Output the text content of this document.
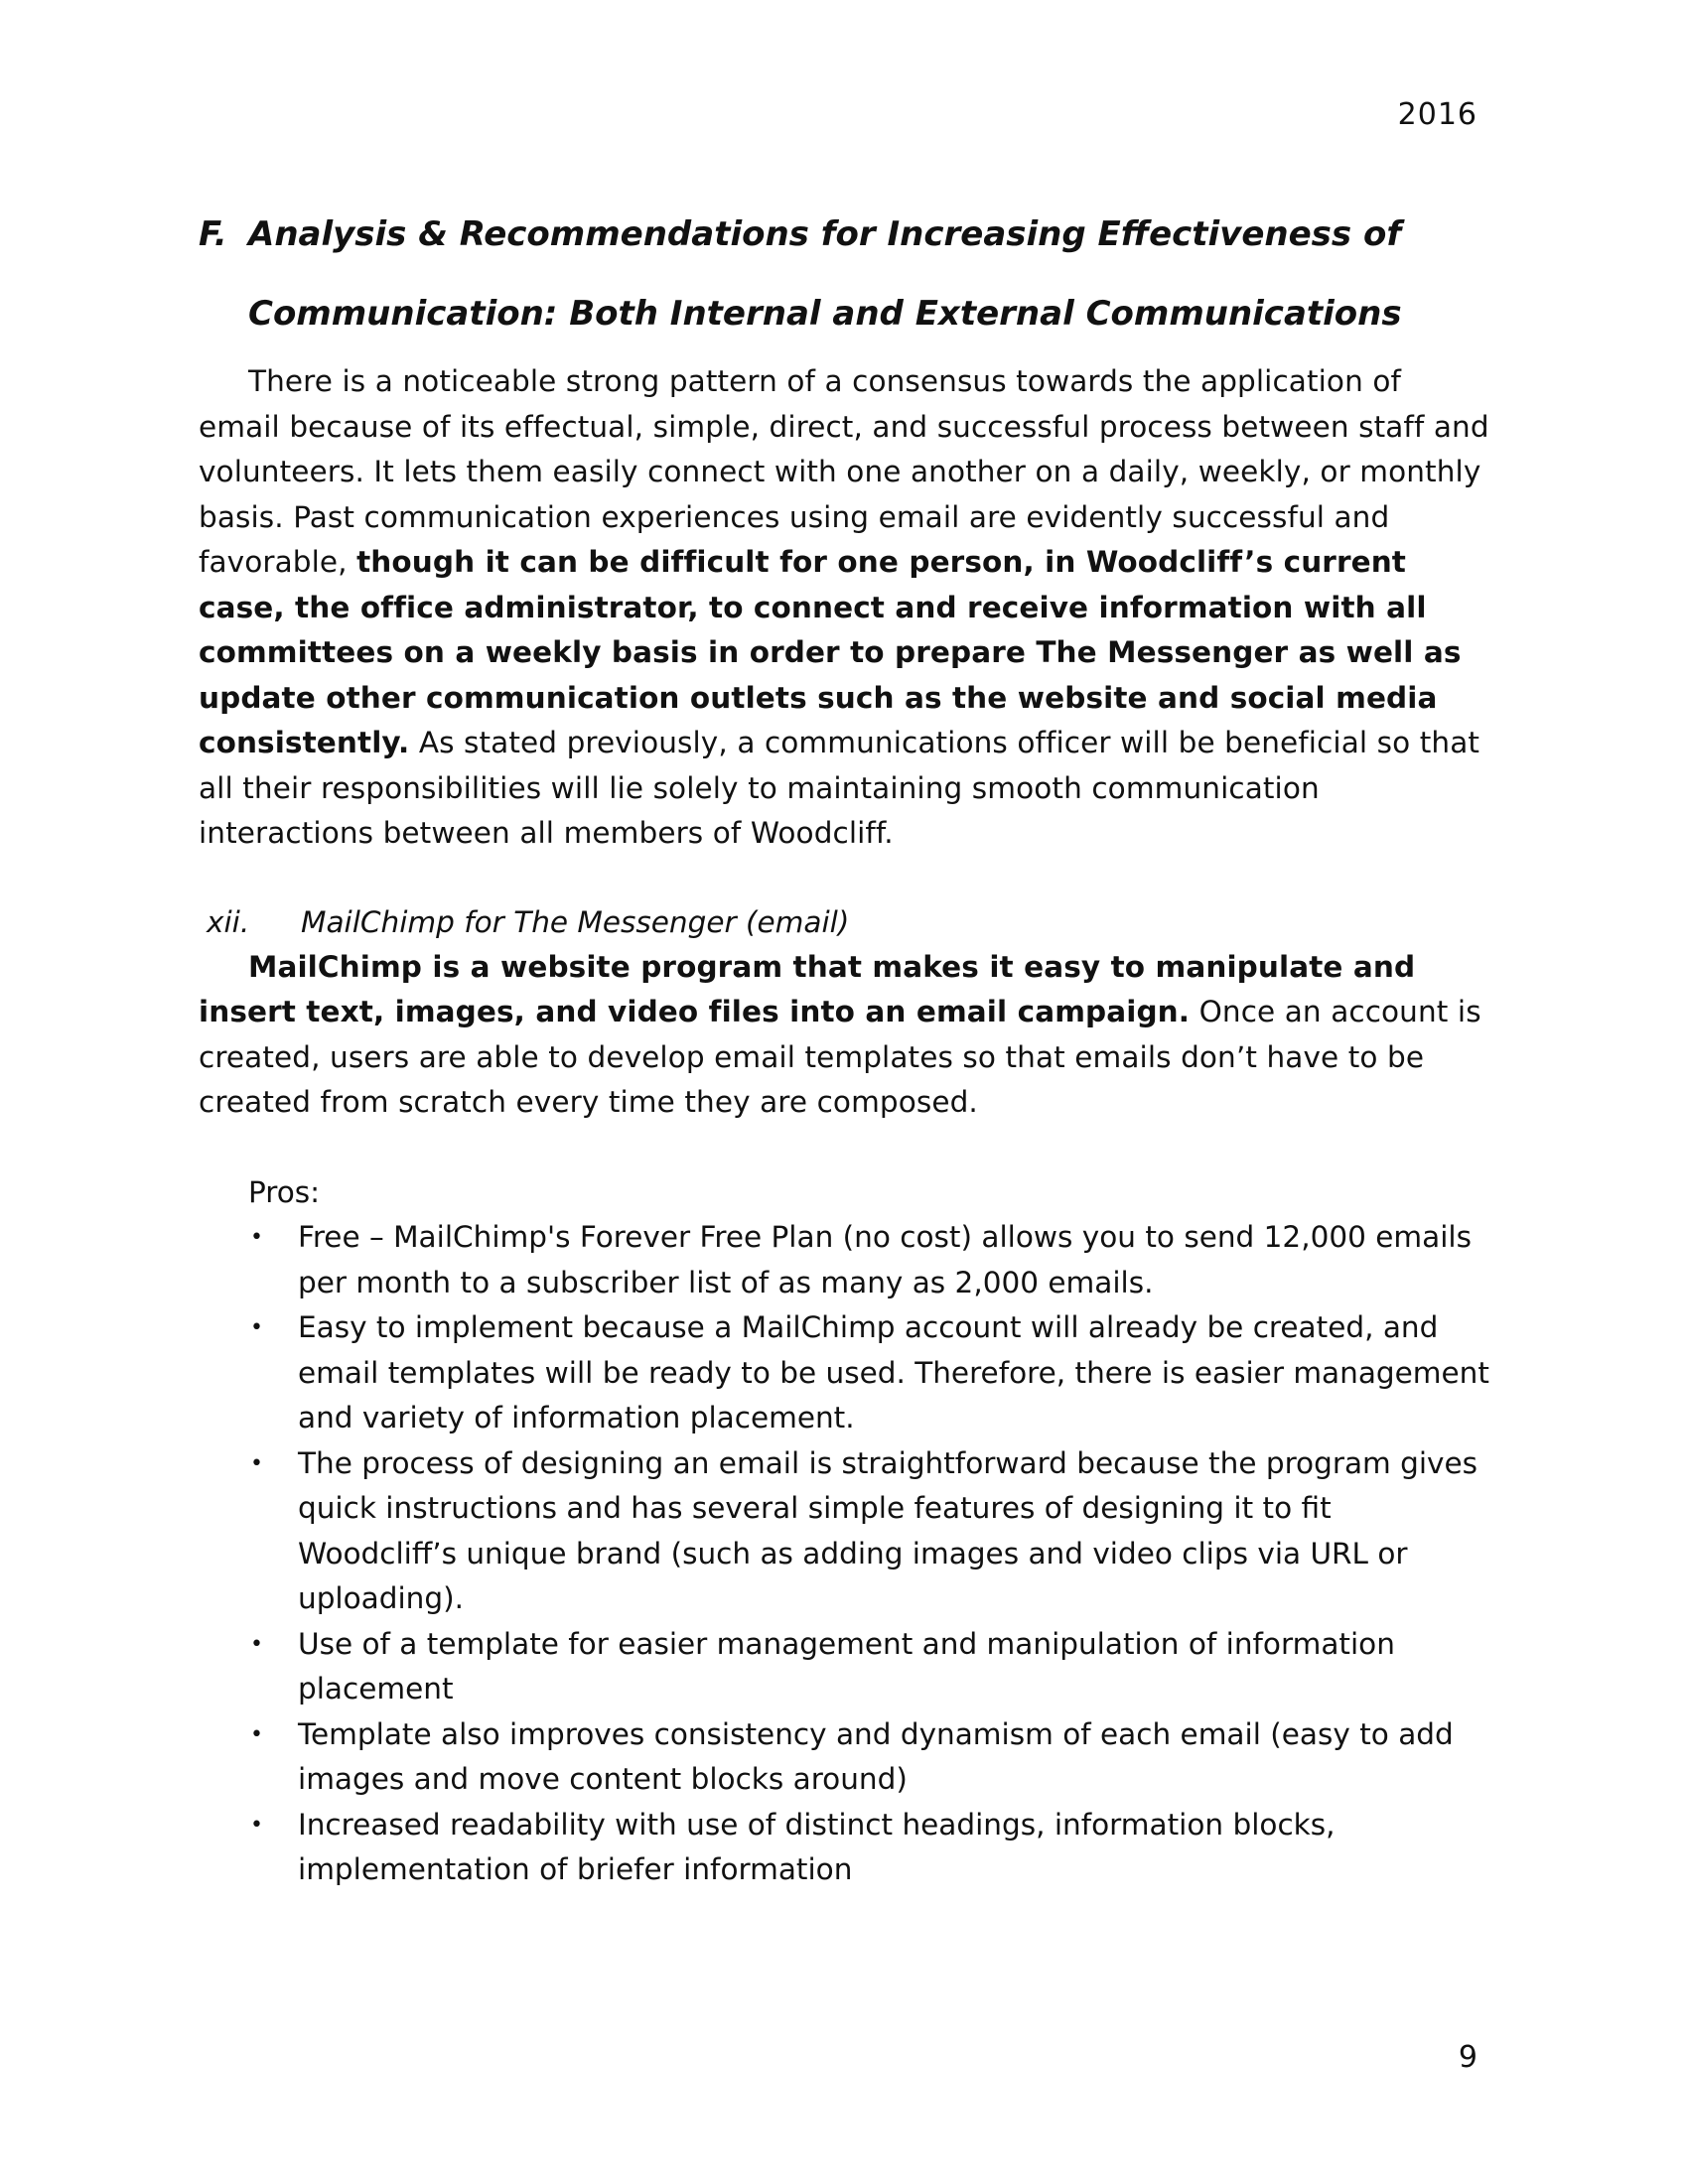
2016
F. Analysis & Recommendations for Increasing Effectiveness of
Communication: Both Internal and External Communications

There is a noticeable strong pattern of a consensus towards the application of email because of its effectual, simple, direct, and successful process between staff and volunteers. It lets them easily connect with one another on a daily, weekly, or monthly basis. Past communication experiences using email are evidently successful and favorable, though it can be difficult for one person, in Woodcliff’s current case, the office administrator, to connect and receive information with all committees on a weekly basis in order to prepare The Messenger as well as update other communication outlets such as the website and social media consistently. As stated previously, a communications officer will be beneficial so that all their responsibilities will lie solely to maintaining smooth communication interactions between all members of Woodcliff.

xii.	MailChimp for The Messenger (email)

MailChimp is a website program that makes it easy to manipulate and insert text, images, and video files into an email campaign. Once an account is created, users are able to develop email templates so that emails don’t have to be created from scratch every time they are composed.

Pros:
• Free – MailChimp's Forever Free Plan (no cost) allows you to send 12,000 emails per month to a subscriber list of as many as 2,000 emails.
• Easy to implement because a MailChimp account will already be created, and email templates will be ready to be used. Therefore, there is easier management and variety of information placement.
• The process of designing an email is straightforward because the program gives quick instructions and has several simple features of designing it to fit Woodcliff’s unique brand (such as adding images and video clips via URL or uploading).
• Use of a template for easier management and manipulation of information placement
• Template also improves consistency and dynamism of each email (easy to add images and move content blocks around)
• Increased readability with use of distinct headings, information blocks, implementation of briefer information
9
